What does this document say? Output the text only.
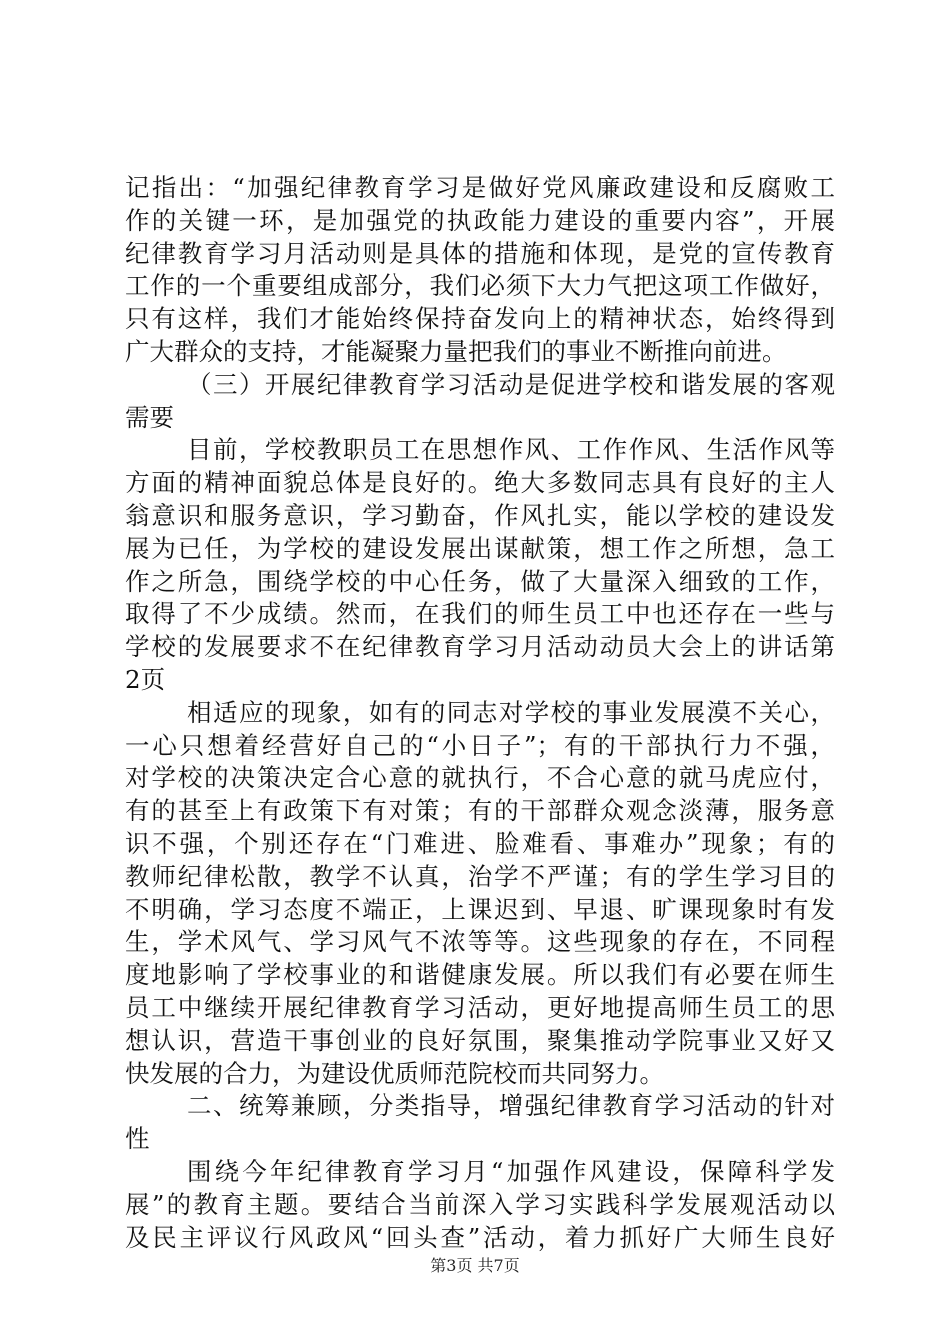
记指出：“加强纪律教育学习是做好党风廉政建设和反腐败工
作的关键一环，是加强党的执政能力建设的重要内容”，开展
纪律教育学习月活动则是具体的措施和体现，是党的宣传教育
工作的一个重要组成部分，我们必须下大力气把这项工作做好，
只有这样，我们才能始终保持奋发向上的精神状态，始终得到
广大群众的支持，才能凝聚力量把我们的事业不断推向前进。
（三）开展纪律教育学习活动是促进学校和谐发展的客观
需要
目前，学校教职员工在思想作风、工作作风、生活作风等
方面的精神面貌总体是良好的。绝大多数同志具有良好的主人
翁意识和服务意识，学习勤奋，作风扎实，能以学校的建设发
展为已任，为学校的建设发展出谋献策，想工作之所想，急工
作之所急，围绕学校的中心任务，做了大量深入细致的工作，
取得了不少成绩。然而，在我们的师生员工中也还存在一些与
学校的发展要求不在纪律教育学习月活动动员大会上的讲话第
2页
相适应的现象，如有的同志对学校的事业发展漠不关心，
一心只想着经营好自己的“小日子”；有的干部执行力不强，
对学校的决策决定合心意的就执行，不合心意的就马虎应付，
有的甚至上有政策下有对策；有的干部群众观念淡薄，服务意
识不强，个别还存在“门难进、脸难看、事难办”现象；有的
教师纪律松散，教学不认真，治学不严谨；有的学生学习目的
不明确，学习态度不端正，上课迟到、早退、旷课现象时有发
生，学术风气、学习风气不浓等等。这些现象的存在，不同程
度地影响了学校事业的和谐健康发展。所以我们有必要在师生
员工中继续开展纪律教育学习活动，更好地提高师生员工的思
想认识，营造干事创业的良好氛围，聚集推动学院事业又好又
快发展的合力，为建设优质师范院校而共同努力。
二、统筹兼顾，分类指导，增强纪律教育学习活动的针对
性
围绕今年纪律教育学习月“加强作风建设，保障科学发
展”的教育主题。要结合当前深入学习实践科学发展观活动以
及民主评议行风政风“回头查”活动，着力抓好广大师生良好
第3页 共7页
